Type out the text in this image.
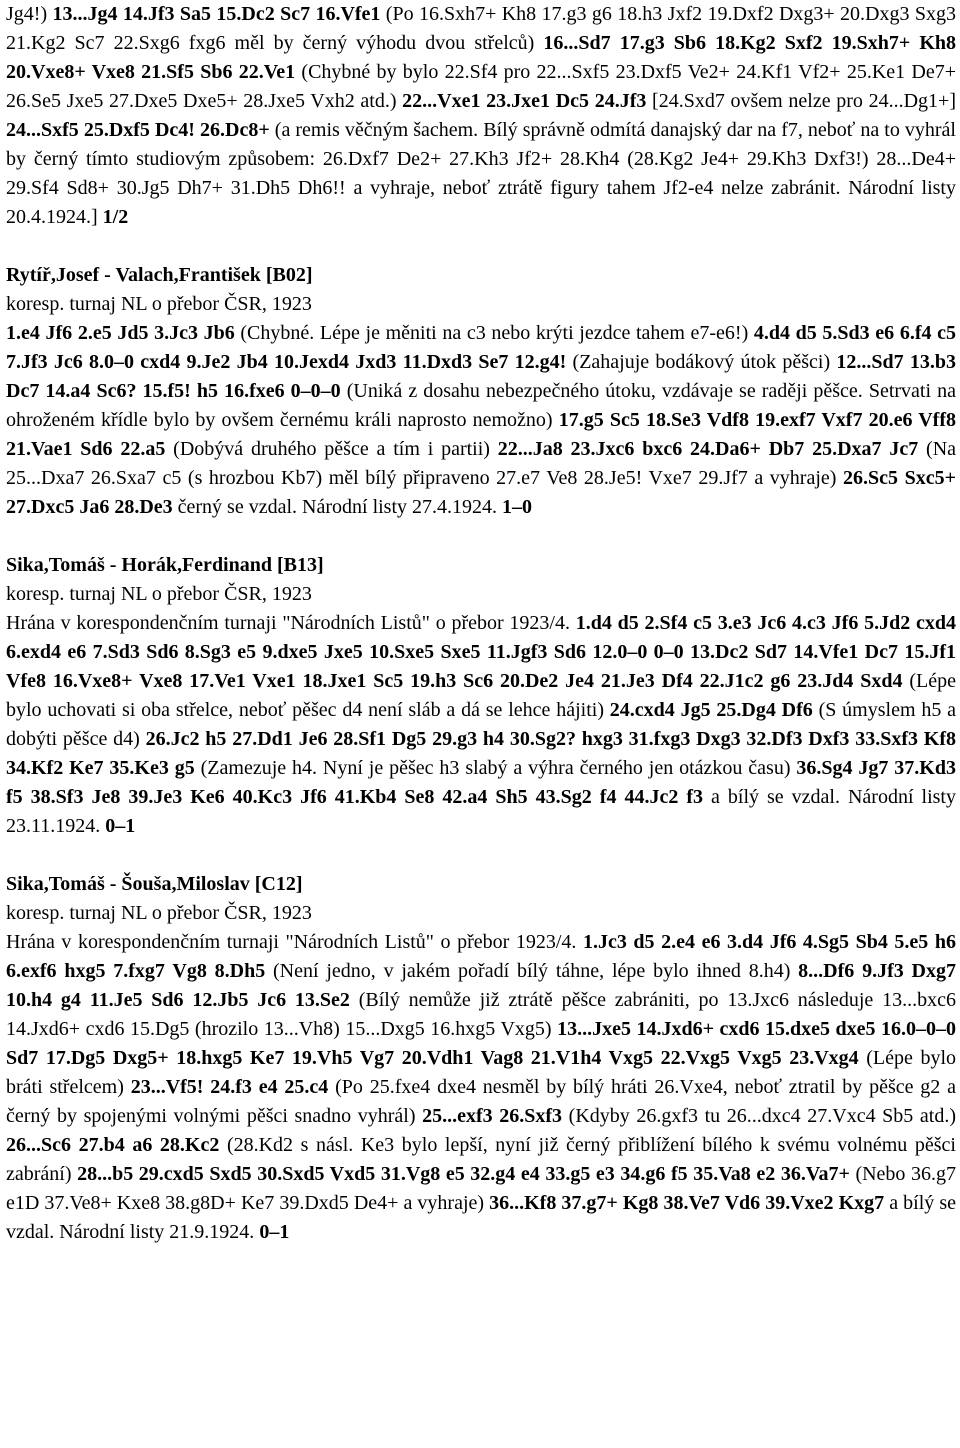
Jg4!) 13...Jg4 14.Jf3 Sa5 15.Dc2 Sc7 16.Vfe1 (Po 16.Sxh7+ Kh8 17.g3 g6 18.h3 Jxf2 19.Dxf2 Dxg3+ 20.Dxg3 Sxg3 21.Kg2 Sc7 22.Sxg6 fxg6 měl by černý výhodu dvou střelců) 16...Sd7 17.g3 Sb6 18.Kg2 Sxf2 19.Sxh7+ Kh8 20.Vxe8+ Vxe8 21.Sf5 Sb6 22.Ve1 (Chybné by bylo 22.Sf4 pro 22...Sxf5 23.Dxf5 Ve2+ 24.Kf1 Vf2+ 25.Ke1 De7+ 26.Se5 Jxe5 27.Dxe5 Dxe5+ 28.Jxe5 Vxh2 atd.) 22...Vxe1 23.Jxe1 Dc5 24.Jf3 [24.Sxd7 ovšem nelze pro 24...Dg1+] 24...Sxf5 25.Dxf5 Dc4! 26.Dc8+ (a remis věčným šachem. Bílý správně odmítá danajský dar na f7, neboť na to vyhrál by černý tímto studiovým způsobem: 26.Dxf7 De2+ 27.Kh3 Jf2+ 28.Kh4 (28.Kg2 Je4+ 29.Kh3 Dxf3!) 28...De4+ 29.Sf4 Sd8+ 30.Jg5 Dh7+ 31.Dh5 Dh6!! a vyhraje, neboť ztrátě figury tahem Jf2-e4 nelze zabránit. Národní listy 20.4.1924.] 1/2

Rytíř,Josef - Valach,František [B02]

koresp. turnaj NL o přebor ČSR, 1923

1.e4 Jf6 2.e5 Jd5 3.Jc3 Jb6 (Chybné. Lépe je měniti na c3 nebo krýti jezdce tahem e7-e6!) 4.d4 d5 5.Sd3 e6 6.f4 c5 7.Jf3 Jc6 8.0–0 cxd4 9.Je2 Jb4 10.Jexd4 Jxd3 11.Dxd3 Se7 12.g4! (Zahajuje bodákový útok pěšci) 12...Sd7 13.b3 Dc7 14.a4 Sc6? 15.f5! h5 16.fxe6 0–0–0 (Uniká z dosahu nebezpečného útoku, vzdávaje se raději pěšce. Setrvati na ohroženém křídle bylo by ovšem černému králi naprosto nemožno) 17.g5 Sc5 18.Se3 Vdf8 19.exf7 Vxf7 20.e6 Vff8 21.Vae1 Sd6 22.a5 (Dobývá druhého pěšce a tím i partii) 22...Ja8 23.Jxc6 bxc6 24.Da6+ Db7 25.Dxa7 Jc7 (Na 25...Dxa7 26.Sxa7 c5 (s hrozbou Kb7) měl bílý připraveno 27.e7 Ve8 28.Je5! Vxe7 29.Jf7 a vyhraje) 26.Sc5 Sxc5+ 27.Dxc5 Ja6 28.De3 černý se vzdal. Národní listy 27.4.1924. 1–0

Sika,Tomáš - Horák,Ferdinand [B13]

koresp. turnaj NL o přebor ČSR, 1923

Hrána v korespondenčním turnaji "Národních Listů" o přebor 1923/4. 1.d4 d5 2.Sf4 c5 3.e3 Jc6 4.c3 Jf6 5.Jd2 cxd4 6.exd4 e6 7.Sd3 Sd6 8.Sg3 e5 9.dxe5 Jxe5 10.Sxe5 Sxe5 11.Jgf3 Sd6 12.0–0 0–0 13.Dc2 Sd7 14.Vfe1 Dc7 15.Jf1 Vfe8 16.Vxe8+ Vxe8 17.Ve1 Vxe1 18.Jxe1 Sc5 19.h3 Sc6 20.De2 Je4 21.Je3 Df4 22.J1c2 g6 23.Jd4 Sxd4 (Lépe bylo uchovati si oba střelce, neboť pěšec d4 není sláb a dá se lehce hájiti) 24.cxd4 Jg5 25.Dg4 Df6 (S úmyslem h5 a dobýti pěšce d4) 26.Jc2 h5 27.Dd1 Je6 28.Sf1 Dg5 29.g3 h4 30.Sg2? hxg3 31.fxg3 Dxg3 32.Df3 Dxf3 33.Sxf3 Kf8 34.Kf2 Ke7 35.Ke3 g5 (Zamezuje h4. Nyní je pěšec h3 slabý a výhra černého jen otázkou času) 36.Sg4 Jg7 37.Kd3 f5 38.Sf3 Je8 39.Je3 Ke6 40.Kc3 Jf6 41.Kb4 Se8 42.a4 Sh5 43.Sg2 f4 44.Jc2 f3 a bílý se vzdal. Národní listy 23.11.1924. 0–1

Sika,Tomáš - Šouša,Miloslav [C12]

koresp. turnaj NL o přebor ČSR, 1923

Hrána v korespondenčním turnaji "Národních Listů" o přebor 1923/4. 1.Jc3 d5 2.e4 e6 3.d4 Jf6 4.Sg5 Sb4 5.e5 h6 6.exf6 hxg5 7.fxg7 Vg8 8.Dh5 (Není jedno, v jakém pořadí bílý táhne, lépe bylo ihned 8.h4) 8...Df6 9.Jf3 Dxg7 10.h4 g4 11.Je5 Sd6 12.Jb5 Jc6 13.Se2 (Bílý nemůže již ztrátě pěšce zabrániti, po 13.Jxc6 následuje 13...bxc6 14.Jxd6+ cxd6 15.Dg5 (hrozilo 13...Vh8) 15...Dxg5 16.hxg5 Vxg5) 13...Jxe5 14.Jxd6+ cxd6 15.dxe5 dxe5 16.0–0–0 Sd7 17.Dg5 Dxg5+ 18.hxg5 Ke7 19.Vh5 Vg7 20.Vdh1 Vag8 21.V1h4 Vxg5 22.Vxg5 Vxg5 23.Vxg4 (Lépe bylo bráti střelcem) 23...Vf5! 24.f3 e4 25.c4 (Po 25.fxe4 dxe4 nesměl by bílý hráti 26.Vxe4, neboť ztratil by pěšce g2 a černý by spojenými volnými pěšci snadno vyhrál) 25...exf3 26.Sxf3 (Kdyby 26.gxf3 tu 26...dxc4 27.Vxc4 Sb5 atd.) 26...Sc6 27.b4 a6 28.Kc2 (28.Kd2 s násl. Ke3 bylo lepší, nyní již černý přiblížení bílého k svému volnému pěšci zabrání) 28...b5 29.cxd5 Sxd5 30.Sxd5 Vxd5 31.Vg8 e5 32.g4 e4 33.g5 e3 34.g6 f5 35.Va8 e2 36.Va7+ (Nebo 36.g7 e1D 37.Ve8+ Kxe8 38.g8D+ Ke7 39.Dxd5 De4+ a vyhraje) 36...Kf8 37.g7+ Kg8 38.Ve7 Vd6 39.Vxe2 Kxg7 a bílý se vzdal. Národní listy 21.9.1924. 0–1
